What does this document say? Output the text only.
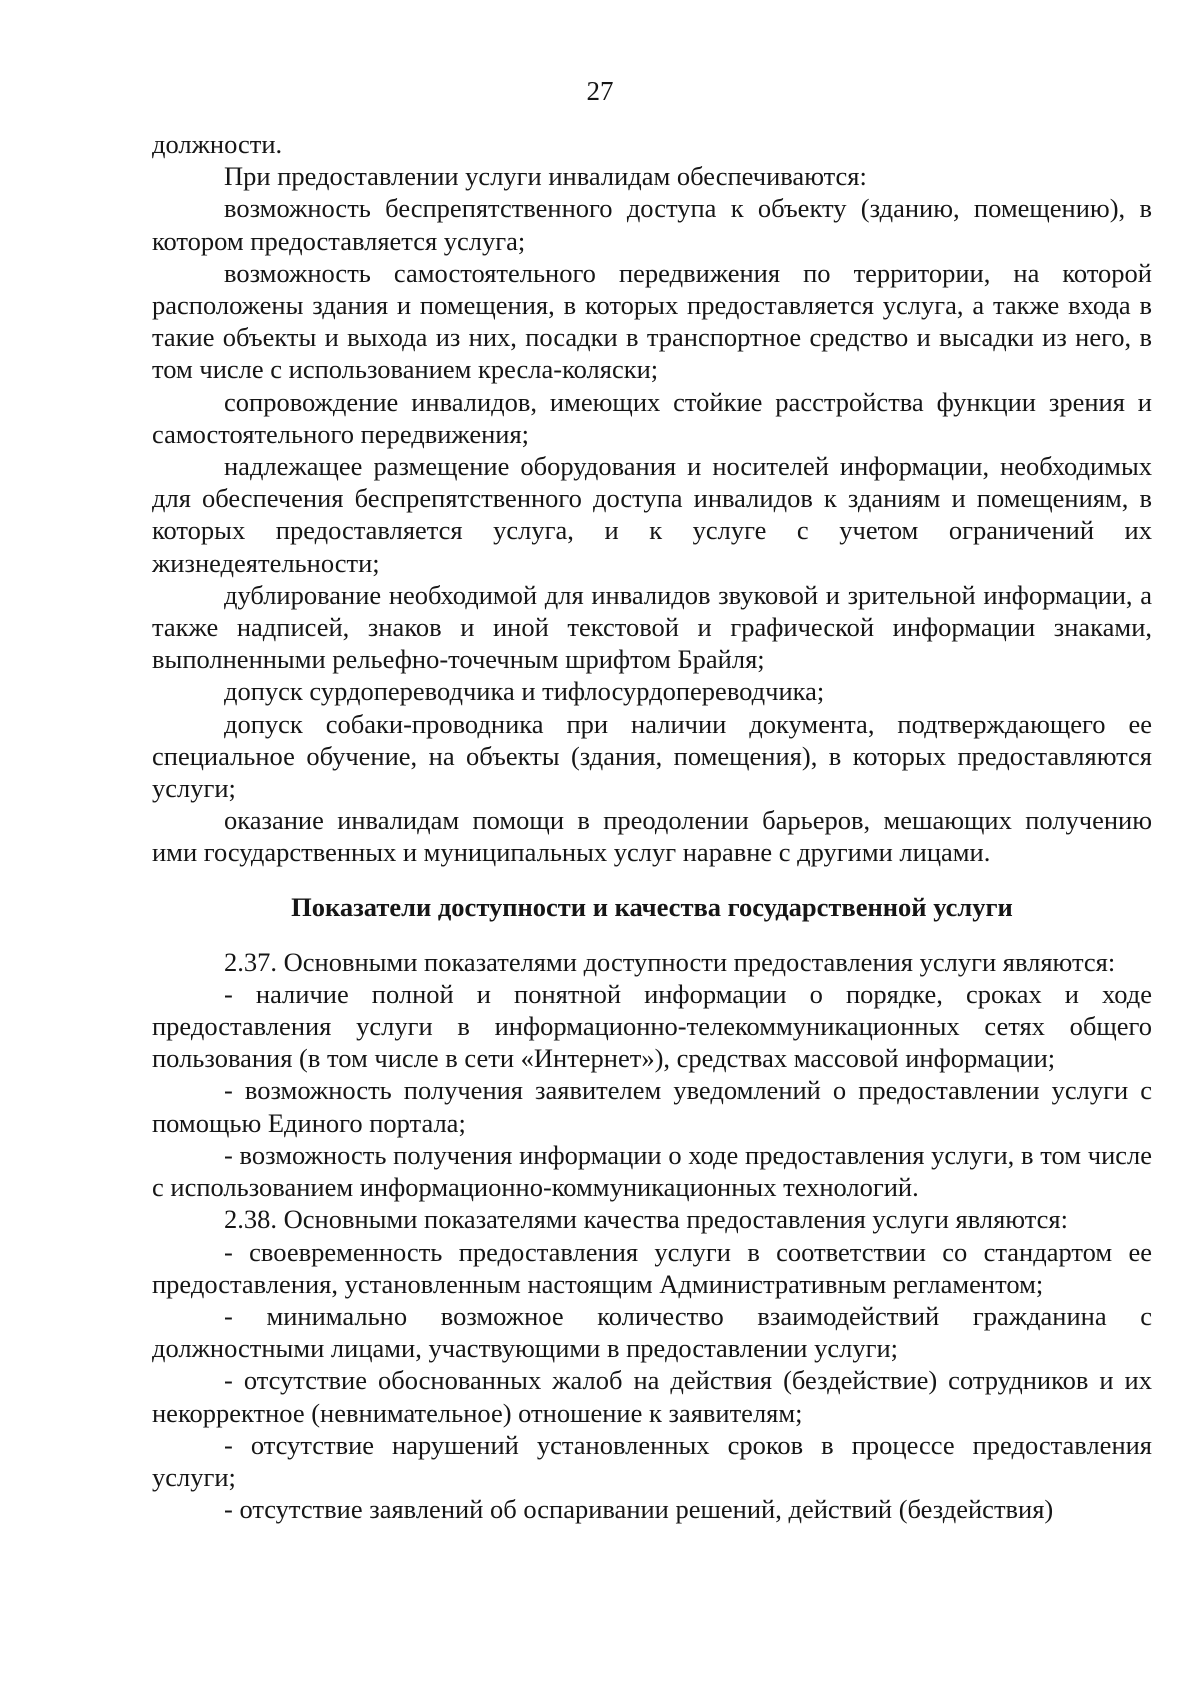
27

должности.

При предоставлении услуги инвалидам обеспечиваются:

возможность беспрепятственного доступа к объекту (зданию, помещению), в котором предоставляется услуга;

возможность самостоятельного передвижения по территории, на которой расположены здания и помещения, в которых предоставляется услуга, а также входа в такие объекты и выхода из них, посадки в транспортное средство и высадки из него, в том числе с использованием кресла-коляски;

сопровождение инвалидов, имеющих стойкие расстройства функции зрения и самостоятельного передвижения;

надлежащее размещение оборудования и носителей информации, необходимых для обеспечения беспрепятственного доступа инвалидов к зданиям и помещениям, в которых предоставляется услуга, и к услуге с учетом ограничений их жизнедеятельности;

дублирование необходимой для инвалидов звуковой и зрительной информации, а также надписей, знаков и иной текстовой и графической информации знаками, выполненными рельефно-точечным шрифтом Брайля;

допуск сурдопереводчика и тифлосурдопереводчика;

допуск собаки-проводника при наличии документа, подтверждающего ее специальное обучение, на объекты (здания, помещения), в которых предоставляются услуги;

оказание инвалидам помощи в преодолении барьеров, мешающих получению ими государственных и муниципальных услуг наравне с другими лицами.

Показатели доступности и качества государственной услуги

2.37. Основными показателями доступности предоставления услуги являются:

- наличие полной и понятной информации о порядке, сроках и ходе предоставления услуги в информационно-телекоммуникационных сетях общего пользования (в том числе в сети «Интернет»), средствах массовой информации;

- возможность получения заявителем уведомлений о предоставлении услуги с помощью Единого портала;

- возможность получения информации о ходе предоставления услуги, в том числе с использованием информационно-коммуникационных технологий.

2.38. Основными показателями качества предоставления услуги являются:

- своевременность предоставления услуги в соответствии со стандартом ее предоставления, установленным настоящим Административным регламентом;

- минимально возможное количество взаимодействий гражданина с должностными лицами, участвующими в предоставлении услуги;

- отсутствие обоснованных жалоб на действия (бездействие) сотрудников и их некорректное (невнимательное) отношение к заявителям;

- отсутствие нарушений установленных сроков в процессе предоставления услуги;

- отсутствие заявлений об оспаривании решений, действий (бездействия)
